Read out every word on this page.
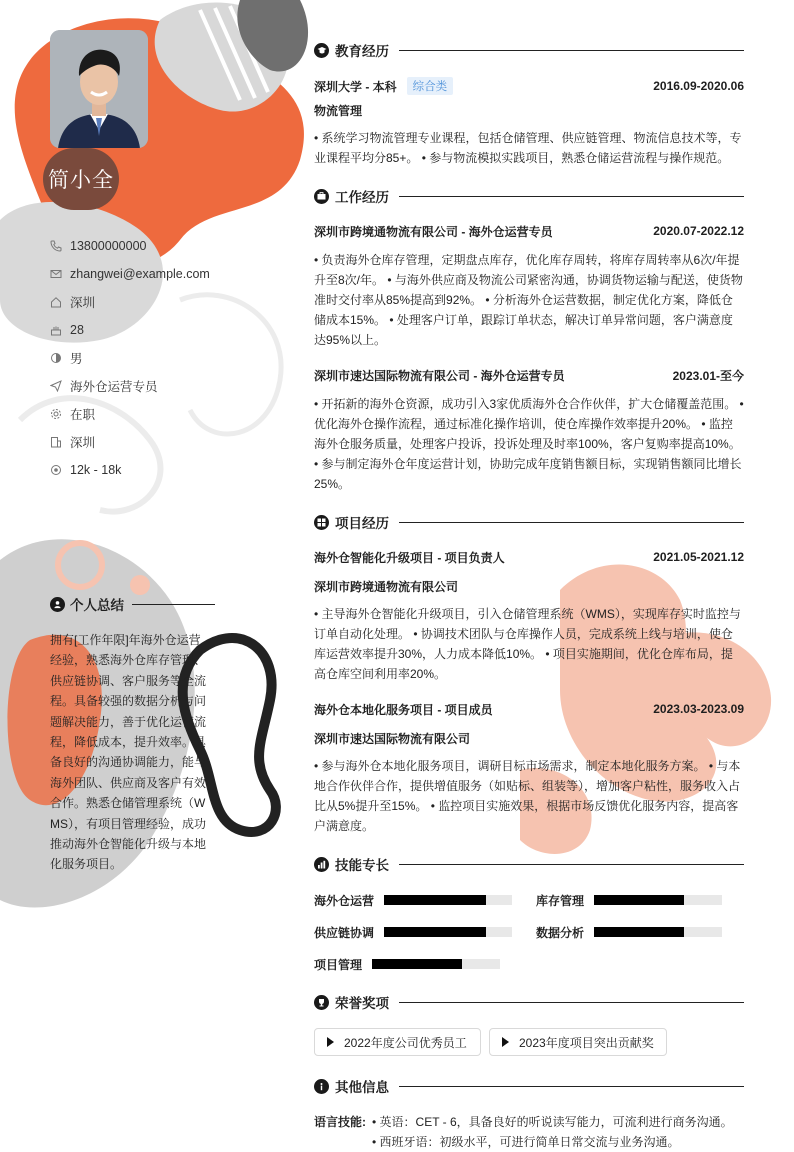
简小全
13800000000
zhangwei@example.com
深圳
28
男
海外仓运营专员
在职
深圳
12k - 18k
个人总结
拥有[工作年限]年海外仓运营经验，熟悉海外仓库存管理、供应链协调、客户服务等全流程。具备较强的数据分析与问题解决能力，善于优化运营流程，降低成本，提升效率。具备良好的沟通协调能力，能与海外团队、供应商及客户有效合作。熟悉仓储管理系统（WMS），有项目管理经验，成功推动海外仓智能化升级与本地化服务项目。
教育经历
深圳大学 - 本科	综合类	2016.09-2020.06
物流管理
• 系统学习物流管理专业课程，包括仓储管理、供应链管理、物流信息技术等，专业课程平均分85+。 • 参与物流模拟实践项目，熟悉仓储运营流程与操作规范。
工作经历
深圳市跨境通物流有限公司 - 海外仓运营专员	2020.07-2022.12
• 负责海外仓库存管理，定期盘点库存，优化库存周转，将库存周转率从6次/年提升至8次/年。 • 与海外供应商及物流公司紧密沟通，协调货物运输与配送，使货物准时交付率从85%提高到92%。 • 分析海外仓运营数据，制定优化方案，降低仓储成本15%。 • 处理客户订单，跟踪订单状态，解决订单异常问题，客户满意度达95%以上。
深圳市速达国际物流有限公司 - 海外仓运营专员	2023.01-至今
• 开拓新的海外仓资源，成功引入3家优质海外仓合作伙伴，扩大仓储覆盖范围。 • 优化海外仓操作流程，通过标准化操作培训，使仓库操作效率提升20%。 • 监控海外仓服务质量，处理客户投诉，投诉处理及时率100%，客户复购率提高10%。 • 参与制定海外仓年度运营计划，协助完成年度销售额目标，实现销售额同比增长25%。
项目经历
海外仓智能化升级项目 - 项目负责人	2021.05-2021.12
深圳市跨境通物流有限公司
• 主导海外仓智能化升级项目，引入仓储管理系统（WMS），实现库存实时监控与订单自动化处理。 • 协调技术团队与仓库操作人员，完成系统上线与培训，使仓库运营效率提升30%，人力成本降低10%。 • 项目实施期间，优化仓库布局，提高仓库空间利用率20%。
海外仓本地化服务项目 - 项目成员	2023.03-2023.09
深圳市速达国际物流有限公司
• 参与海外仓本地化服务项目，调研目标市场需求，制定本地化服务方案。 • 与本地合作伙伴合作，提供增值服务（如贴标、组装等），增加客户粘性，服务收入占比从5%提升至15%。 • 监控项目实施效果，根据市场反馈优化服务内容，提高客户满意度。
技能专长
海外仓运营	库存管理
供应链协调	数据分析
项目管理
荣誉奖项
2022年度公司优秀员工	2023年度项目突出贡献奖
其他信息
语言技能: • 英语：CET - 6，具备良好的听说读写能力，可流利进行商务沟通。
• 西班牙语：初级水平，可进行简单日常交流与业务沟通。
